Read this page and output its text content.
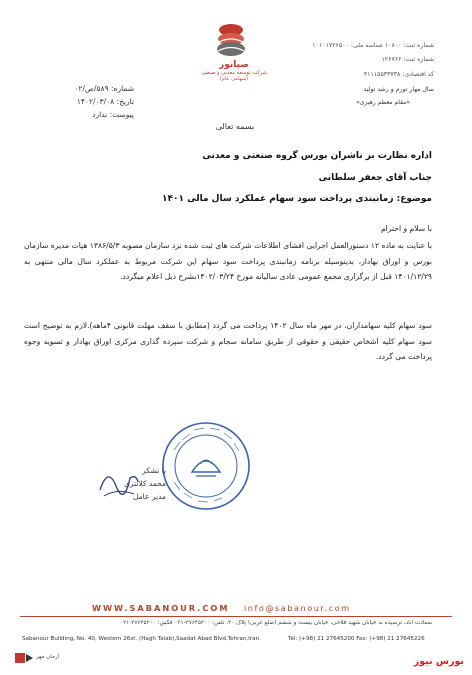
شماره ثبت: ۱۰۸۰۰ شناسه ملی: ۱۰۱۰۱۷۲۶۵۰۰
شماره ثبت: ۱۲۶۷۶۶
کد اقتصادی: ۴۱۱۱۵۵۳۳۷۳۸
سال مهار تورم و رشد تولید
«مقام معظم رهبری»
صبانور
شرکت توسعه معدنی و صنعتی
(سهامی عام)
شماره: ۵۸۹/ص/۰۲
تاریخ: ۱۴۰۲/۰۳/۰۸
پیوست: ندارد
بسمه تعالی
اداره نظارت بر ناشران بورس گروه صنعتی و معدنی
جناب آقای جعفر سلطانی
موضوع: زمانبندی پرداخت سود سهام عملکرد سال مالی ۱۴۰۱
با سلام و احترام
با عنایت به ماده ۱۲ دستورالعمل اجرایی افشای اطلاعات شرکت های ثبت شده نزد سازمان مصوبه ۱۳۸۶/۵/۳ هیات مدیره سازمان بورس و اوراق بهادار، بدینوسیله برنامه زمانبندی پرداخت سود سهام این شرکت مربوط به عملکرد سال مالی منتهی به ۱۴۰۱/۱۲/۲۹ قبل از برگزاری مجمع عمومی عادی سالیانه مورخ ۱۴۰۲/۰۳/۲۴بشرح ذیل اعلام میگردد.
سود سهام کلیه سهامداران، در مهر ماه سال ۱۴۰۲ پرداخت می گردد (مطابق با سقف مهلت قانونی ۴ماهه).لازم به توضیح است سود سهام کلیه اشخاص حقیقی و حقوقی از طریق سامانه سجام و شرکت سپرده گذاری مرکزی اوراق بهادار و تسویه وجوه پرداخت می گردد.
با تشکر
محمد کلانتری
مدیر عامل
WWW.SABANOUR.COM info@sabanour.com
سعادت آباد، ترسیده به خیابان شهید فلاحی، خیابان بیست و ششم (ضلع غربی) پلاک ۴۰، تلفن: ۲۷۶۴۵۲۰۰-۰۲۱ فکس: ۲۷۶۴۵۲۰۰-۰۲۱
Sabanour Building, No. 40, Western 26st. (Hagh Talab),Saadat Abad Blvd,Tehran,Iran.	Tel: (+98) 21 27645200 Fax: (+98) 21 27645226
آرمان مهر	بورس نیوز
